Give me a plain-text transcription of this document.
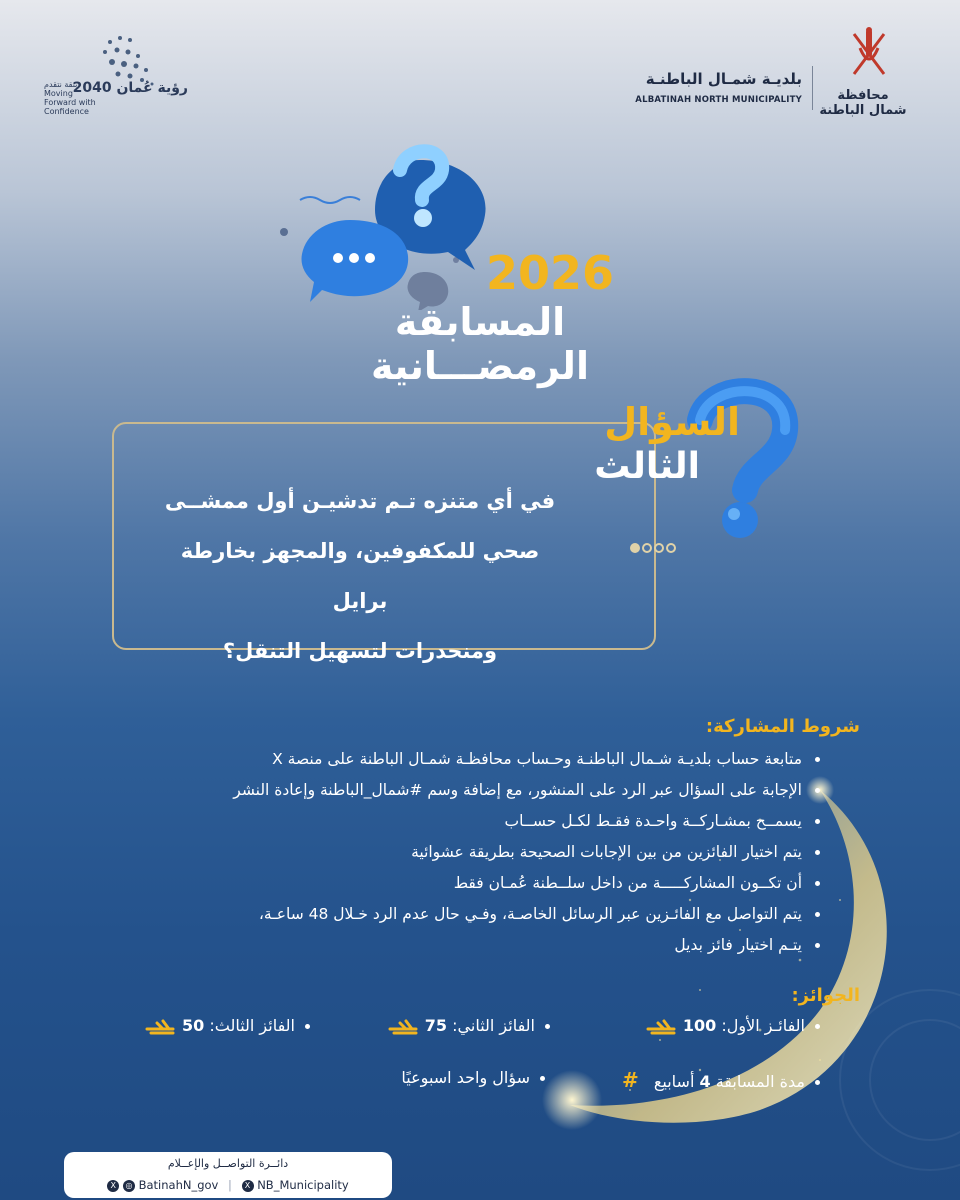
رؤية عُمان 2040
بثقة نتقدم
Moving Forward with Confidence
بلديـة شمـال الباطنـة
ALBATINAH NORTH MUNICIPALITY	محافظة شمال الباطنة
2026
المسابقة الرمضـــانية
السؤال
الثالث
في أي متنزه تـم تدشيـن أول ممشــى
صحي للمكفوفين، والمجهز بخارطة برايل
ومنحدرات لتسهيل التنقل؟
شروط المشاركة:
متابعة حساب بلديـة شـمال الباطنـة وحـساب محافظـة شمـال الباطنة على منصة X
الإجابة على السؤال عبر الرد على المنشور، مع إضافة وسم #شمال_الباطنة وإعادة النشر
يسمــح بمشـاركــة واحـدة فقـط لكـل حســاب
يتم اختيار الفائزين من بين الإجابات الصحيحة بطريقة عشوائية
أن تكــون المشاركـــــة من داخل سلــطنة عُمـان فقط
يتم التواصل مع الفائـزين عبر الرسائل الخاصـة، وفـي حال عدم الرد خـلال 48 ساعـة،
يتـم اختيار فائز بديل
الجوائز:
الفائـز الأول: 100
الفائز الثاني: 75
الفائز الثالث: 50
مدة المسابقة 4 أسابيع #
سؤال واحد اسبوعيًا
دائــرة التواصــل والإعــلام
X ◎ BatinahN_gov | X NB_Municipality
